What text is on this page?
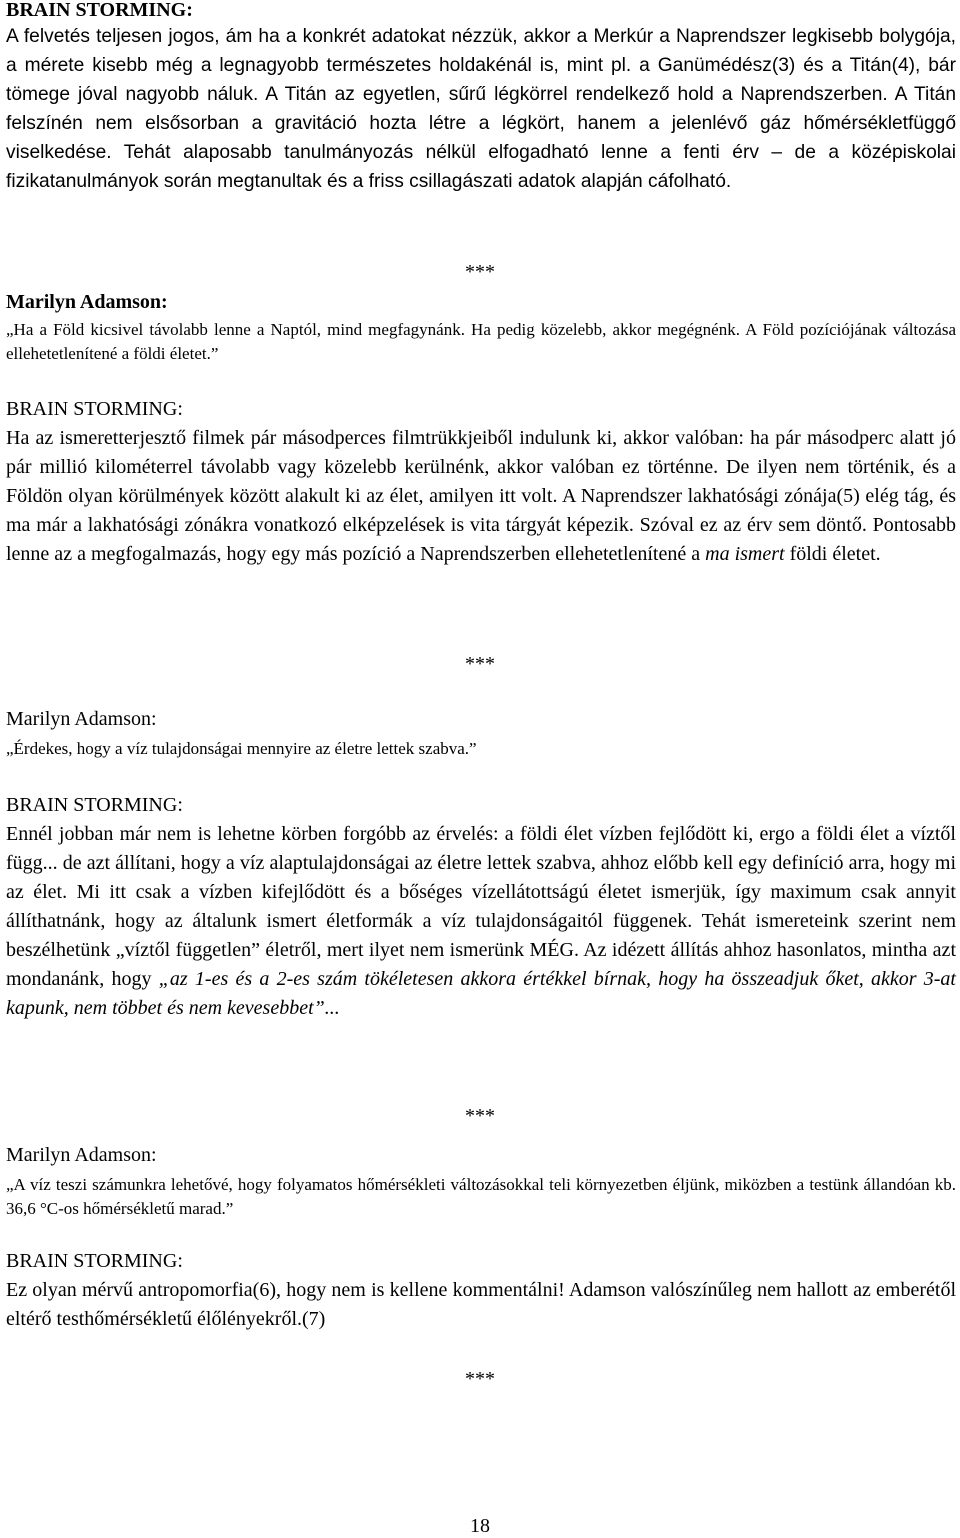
BRAIN STORMING:

A felvetés teljesen jogos, ám ha a konkrét adatokat nézzük, akkor a Merkúr a Naprendszer legkisebb bolygója, a mérete kisebb még a legnagyobb természetes holdakénál is, mint pl. a Ganümédész(3) és a Titán(4), bár tömege jóval nagyobb náluk. A Titán az egyetlen, sűrű légkörrel rendelkező hold a Naprendszerben. A Titán felszínén nem elsősorban a gravitáció hozta létre a légkört, hanem a jelenlévő gáz hőmérsékletfüggő viselkedése. Tehát alaposabb tanulmányozás nélkül elfogadható lenne a fenti érv – de a középiskolai fizikatanulmányok során megtanultak és a friss csillagászati adatok alapján cáfolható.

***
Marilyn Adamson:

„Ha a Föld kicsivel távolabb lenne a Naptól, mind megfagynánk. Ha pedig közelebb, akkor megégnénk. A Föld pozíciójának változása ellehetetlenítené a földi életet.”

BRAIN STORMING:

Ha az ismeretterjesztő filmek pár másodperces filmtrükkjeiből indulunk ki, akkor valóban: ha pár másodperc alatt jó pár millió kilométerrel távolabb vagy közelebb kerülnénk, akkor valóban ez történne. De ilyen nem történik, és a Földön olyan körülmények között alakult ki az élet, amilyen itt volt. A Naprendszer lakhatósági zónája(5) elég tág, és ma már a lakhatósági zónákra vonatkozó elképzelések is vita tárgyát képezik. Szóval ez az érv sem döntő. Pontosabb lenne az a megfogalmazás, hogy egy más pozíció a Naprendszerben ellehetetlenítené a ma ismert földi életet.

***
Marilyn Adamson:

„Érdekes, hogy a víz tulajdonságai mennyire az életre lettek szabva.”

BRAIN STORMING:

Ennél jobban már nem is lehetne körben forgóbb az érvelés: a földi élet vízben fejlődött ki, ergo a földi élet a víztől függ... de azt állítani, hogy a víz alaptulajdonságai az életre lettek szabva, ahhoz előbb kell egy definíció arra, hogy mi az élet. Mi itt csak a vízben kifejlődött és a bőséges vízellátottságú életet ismerjük, így maximum csak annyit állíthatnánk, hogy az általunk ismert életformák a víz tulajdonságaitól függenek. Tehát ismereteink szerint nem beszélhetünk „víztől független” életről, mert ilyet nem ismerünk MÉG. Az idézett állítás ahhoz hasonlatos, mintha azt mondanánk, hogy „az 1-es és a 2-es szám tökéletesen akkora értékkel bírnak, hogy ha összeadjuk őket, akkor 3-at kapunk, nem többet és nem kevesebbet”...

***
Marilyn Adamson:

„A víz teszi számunkra lehetővé, hogy folyamatos hőmérsékleti változásokkal teli környezetben éljünk, miközben a testünk állandóan kb. 36,6 °C-os hőmérsékletű marad.”

BRAIN STORMING:

Ez olyan mérvű antropomorfia(6), hogy nem is kellene kommentálni! Adamson valószínűleg nem hallott az emberétől eltérő testhőmérsékletű élőlényekről.(7)

***
18
